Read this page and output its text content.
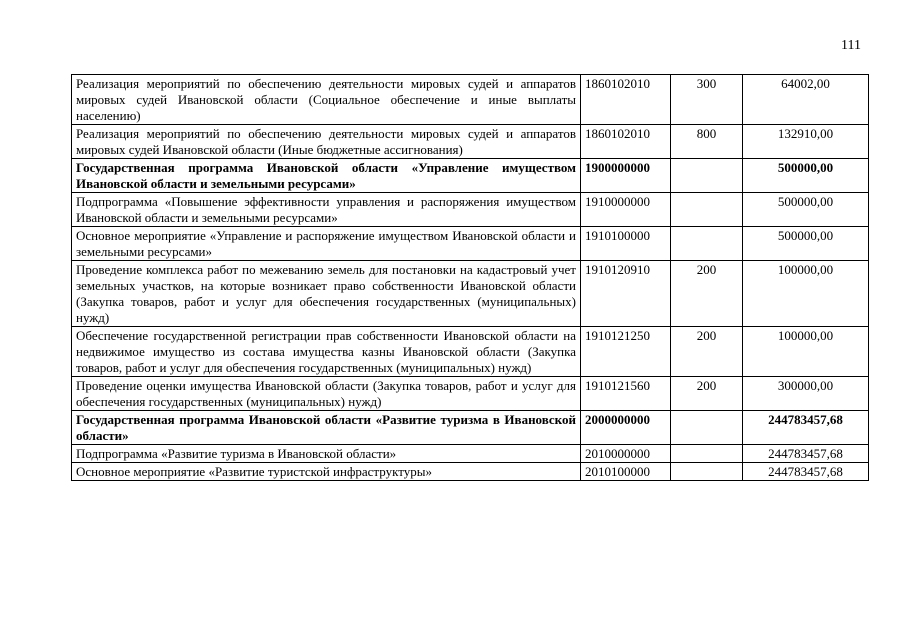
111
Реализация мероприятий по обеспечению деятельности мировых судей и аппаратов мировых судей Ивановской области (Социальное обеспечение и иные выплаты населению)	1860102010	300	64002,00
Реализация мероприятий по обеспечению деятельности мировых судей и аппаратов мировых судей Ивановской области (Иные бюджетные ассигнования)	1860102010	800	132910,00
Государственная программа Ивановской области «Управление имуществом Ивановской области и земельными ресурсами»	1900000000		500000,00
Подпрограмма «Повышение эффективности управления и распоряжения имуществом Ивановской области и земельными ресурсами»	1910000000		500000,00
Основное мероприятие «Управление и распоряжение имуществом Ивановской области и земельными ресурсами»	1910100000		500000,00
Проведение комплекса работ по межеванию земель для постановки на кадастровый учет земельных участков, на которые возникает право собственности Ивановской области (Закупка товаров, работ и услуг для обеспечения государственных (муниципальных) нужд)	1910120910	200	100000,00
Обеспечение государственной регистрации прав собственности Ивановской области на недвижимое имущество из состава имущества казны Ивановской области (Закупка товаров, работ и услуг для обеспечения государственных (муниципальных) нужд)	1910121250	200	100000,00
Проведение оценки имущества Ивановской области (Закупка товаров, работ и услуг для обеспечения государственных (муниципальных) нужд)	1910121560	200	300000,00
Государственная программа Ивановской области «Развитие туризма в Ивановской области»	2000000000		244783457,68
Подпрограмма «Развитие туризма в Ивановской области»	2010000000		244783457,68
Основное мероприятие «Развитие туристской инфраструктуры»	2010100000		244783457,68
